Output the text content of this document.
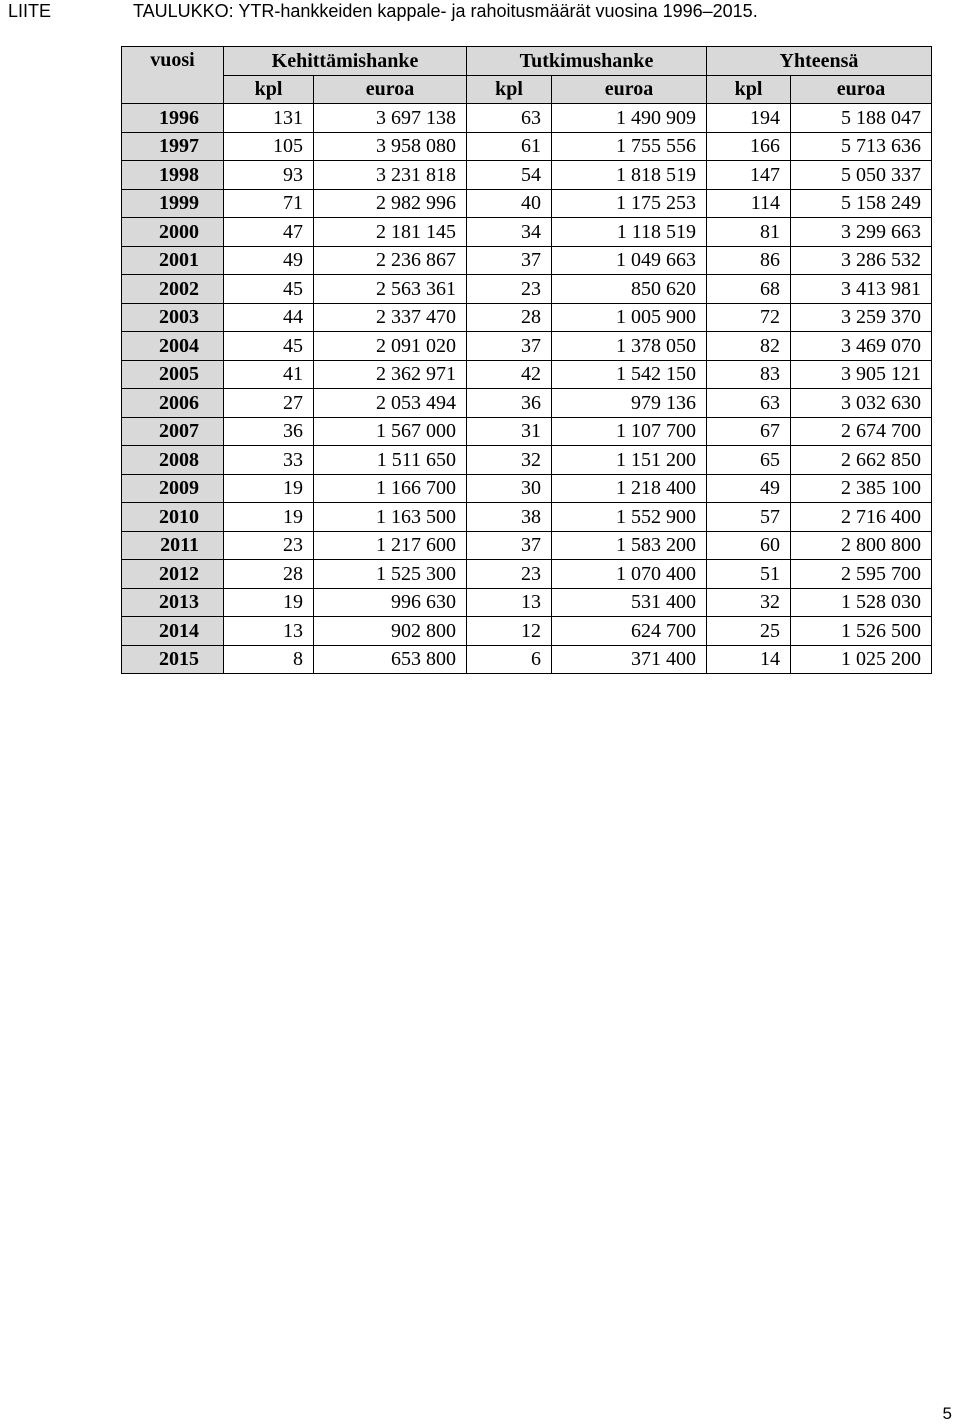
LIITE	TAULUKKO: YTR-hankkeiden kappale- ja rahoitusmäärät vuosina 1996–2015.
vuosi	Kehittämishanke		Tutkimushanke		Yhteensä	
	kpl	euroa	kpl	euroa	kpl	euroa
1996	131	3 697 138	63	1 490 909	194	5 188 047
1997	105	3 958 080	61	1 755 556	166	5 713 636
1998	93	3 231 818	54	1 818 519	147	5 050 337
1999	71	2 982 996	40	1 175 253	114	5 158 249
2000	47	2 181 145	34	1 118 519	81	3 299 663
2001	49	2 236 867	37	1 049 663	86	3 286 532
2002	45	2 563 361	23	850 620	68	3 413 981
2003	44	2 337 470	28	1 005 900	72	3 259 370
2004	45	2 091 020	37	1 378 050	82	3 469 070
2005	41	2 362 971	42	1 542 150	83	3 905 121
2006	27	2 053 494	36	979 136	63	3 032 630
2007	36	1 567 000	31	1 107 700	67	2 674 700
2008	33	1 511 650	32	1 151 200	65	2 662 850
2009	19	1 166 700	30	1 218 400	49	2 385 100
2010	19	1 163 500	38	1 552 900	57	2 716 400
2011	23	1 217 600	37	1 583 200	60	2 800 800
2012	28	1 525 300	23	1 070 400	51	2 595 700
2013	19	996 630	13	531 400	32	1 528 030
2014	13	902 800	12	624 700	25	1 526 500
2015	8	653 800	6	371 400	14	1 025 200
5
